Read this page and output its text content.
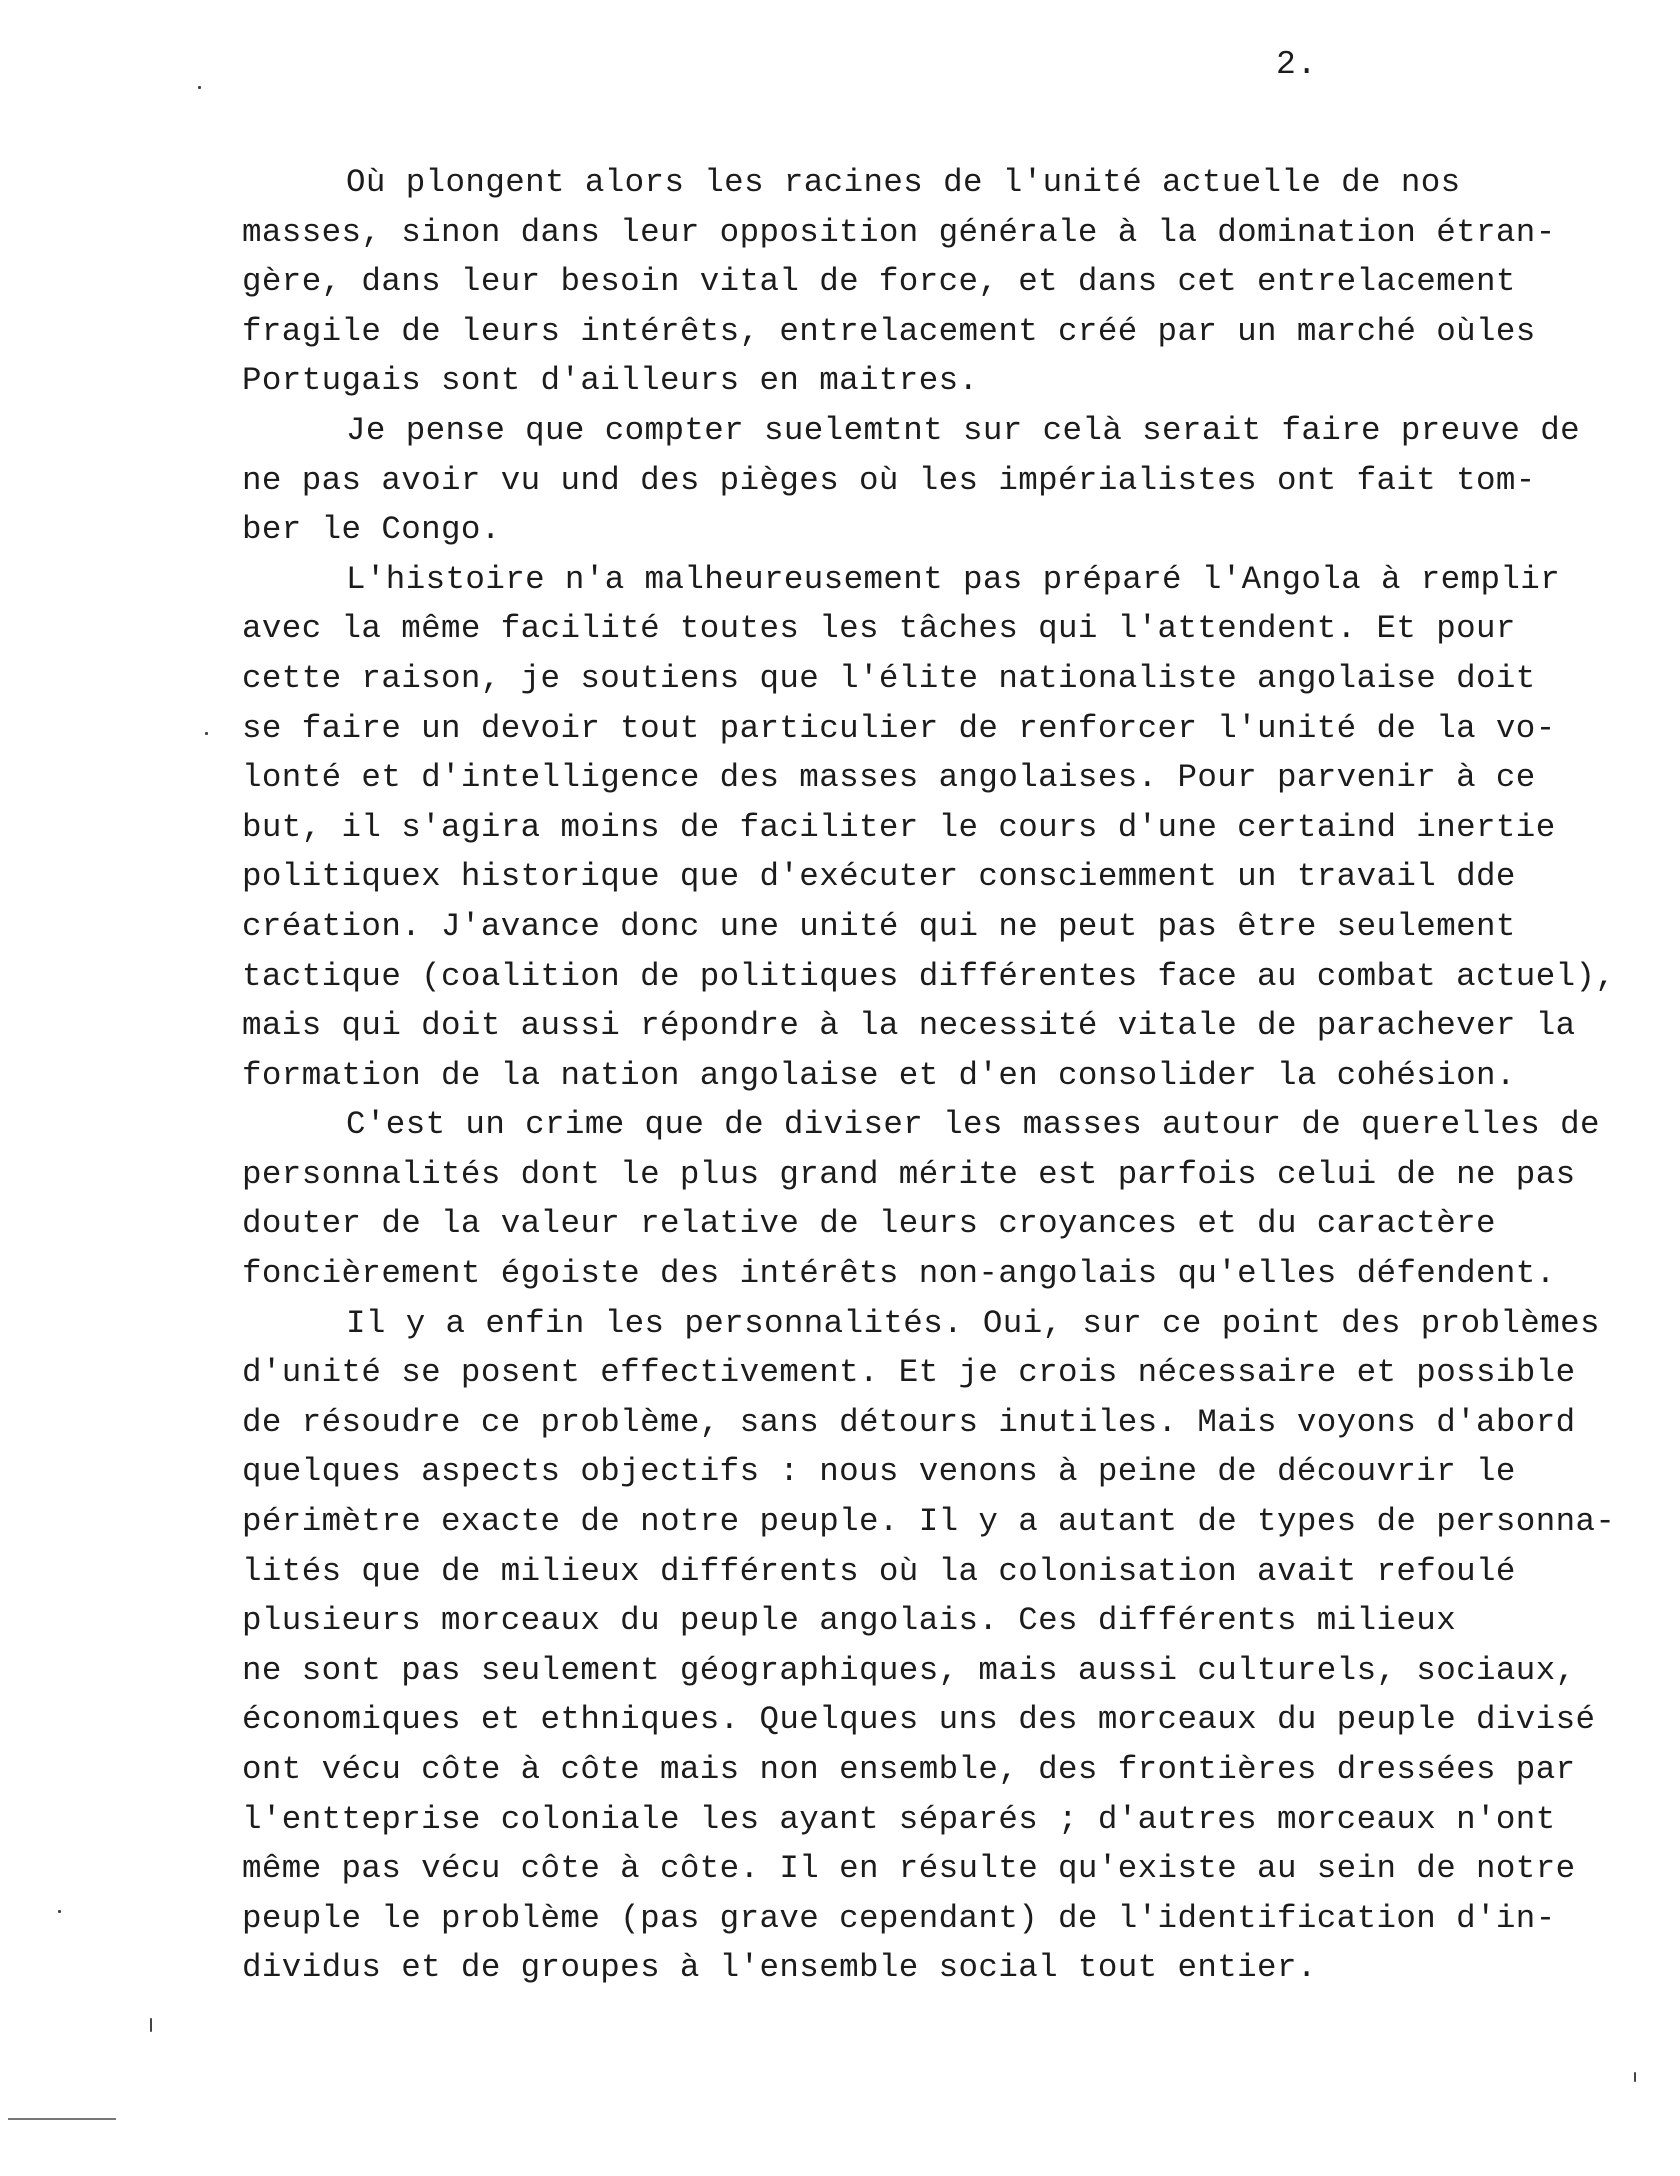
2.
Où plongent alors les racines de l'unité actuelle de nos
masses, sinon dans leur opposition générale à la domination étran-
gère, dans leur besoin vital de force, et dans cet entrelacement
fragile de leurs intérêts, entrelacement créé par un marché oùles
Portugais sont d'ailleurs en maitres.
Je pense que compter suelemtnt sur celà serait faire preuve de
ne pas avoir vu und des pièges où les impérialistes ont fait tom-
ber le Congo.
L'histoire n'a malheureusement pas préparé l'Angola à remplir
avec la même facilité toutes les tâches qui l'attendent. Et pour
cette raison, je soutiens que l'élite nationaliste angolaise doit
se faire un devoir tout particulier de renforcer l'unité de la vo-
lonté et d'intelligence des masses angolaises. Pour parvenir à ce
but, il s'agira moins de faciliter le cours d'une certaind inertie
politiquex historique que d'exécuter consciemment un travail dde
création. J'avance donc une unité qui ne peut pas être seulement
tactique (coalition de politiques différentes face au combat actuel),
mais qui doit aussi répondre à la necessité vitale de parachever la
formation de la nation angolaise et d'en consolider la cohésion.
C'est un crime que de diviser les masses autour de querelles de
personnalités dont le plus grand mérite est parfois celui de ne pas
douter de la valeur relative de leurs croyances et du caractère
foncièrement égoiste des intérêts non-angolais qu'elles défendent.
Il y a enfin les personnalités. Oui, sur ce point des problèmes
d'unité se posent effectivement. Et je crois nécessaire et possible
de résoudre ce problème, sans détours inutiles. Mais voyons d'abord
quelques aspects objectifs : nous venons à peine de découvrir le
périmètre exacte de notre peuple. Il y a autant de types de personna-
lités que de milieux différents où la colonisation avait refoulé
plusieurs morceaux du peuple angolais. Ces différents milieux
ne sont pas seulement géographiques, mais aussi culturels, sociaux,
économiques et ethniques. Quelques uns des morceaux du peuple divisé
ont vécu côte à côte mais non ensemble, des frontières dressées par
l'enttеprise coloniale les ayant séparés ; d'autres morceaux n'ont
même pas vécu côte à côte. Il en résulte qu'existe au sein de notre
peuple le problème (pas grave cependant) de l'identification d'in-
dividus et de groupes à l'ensemble social tout entier.
